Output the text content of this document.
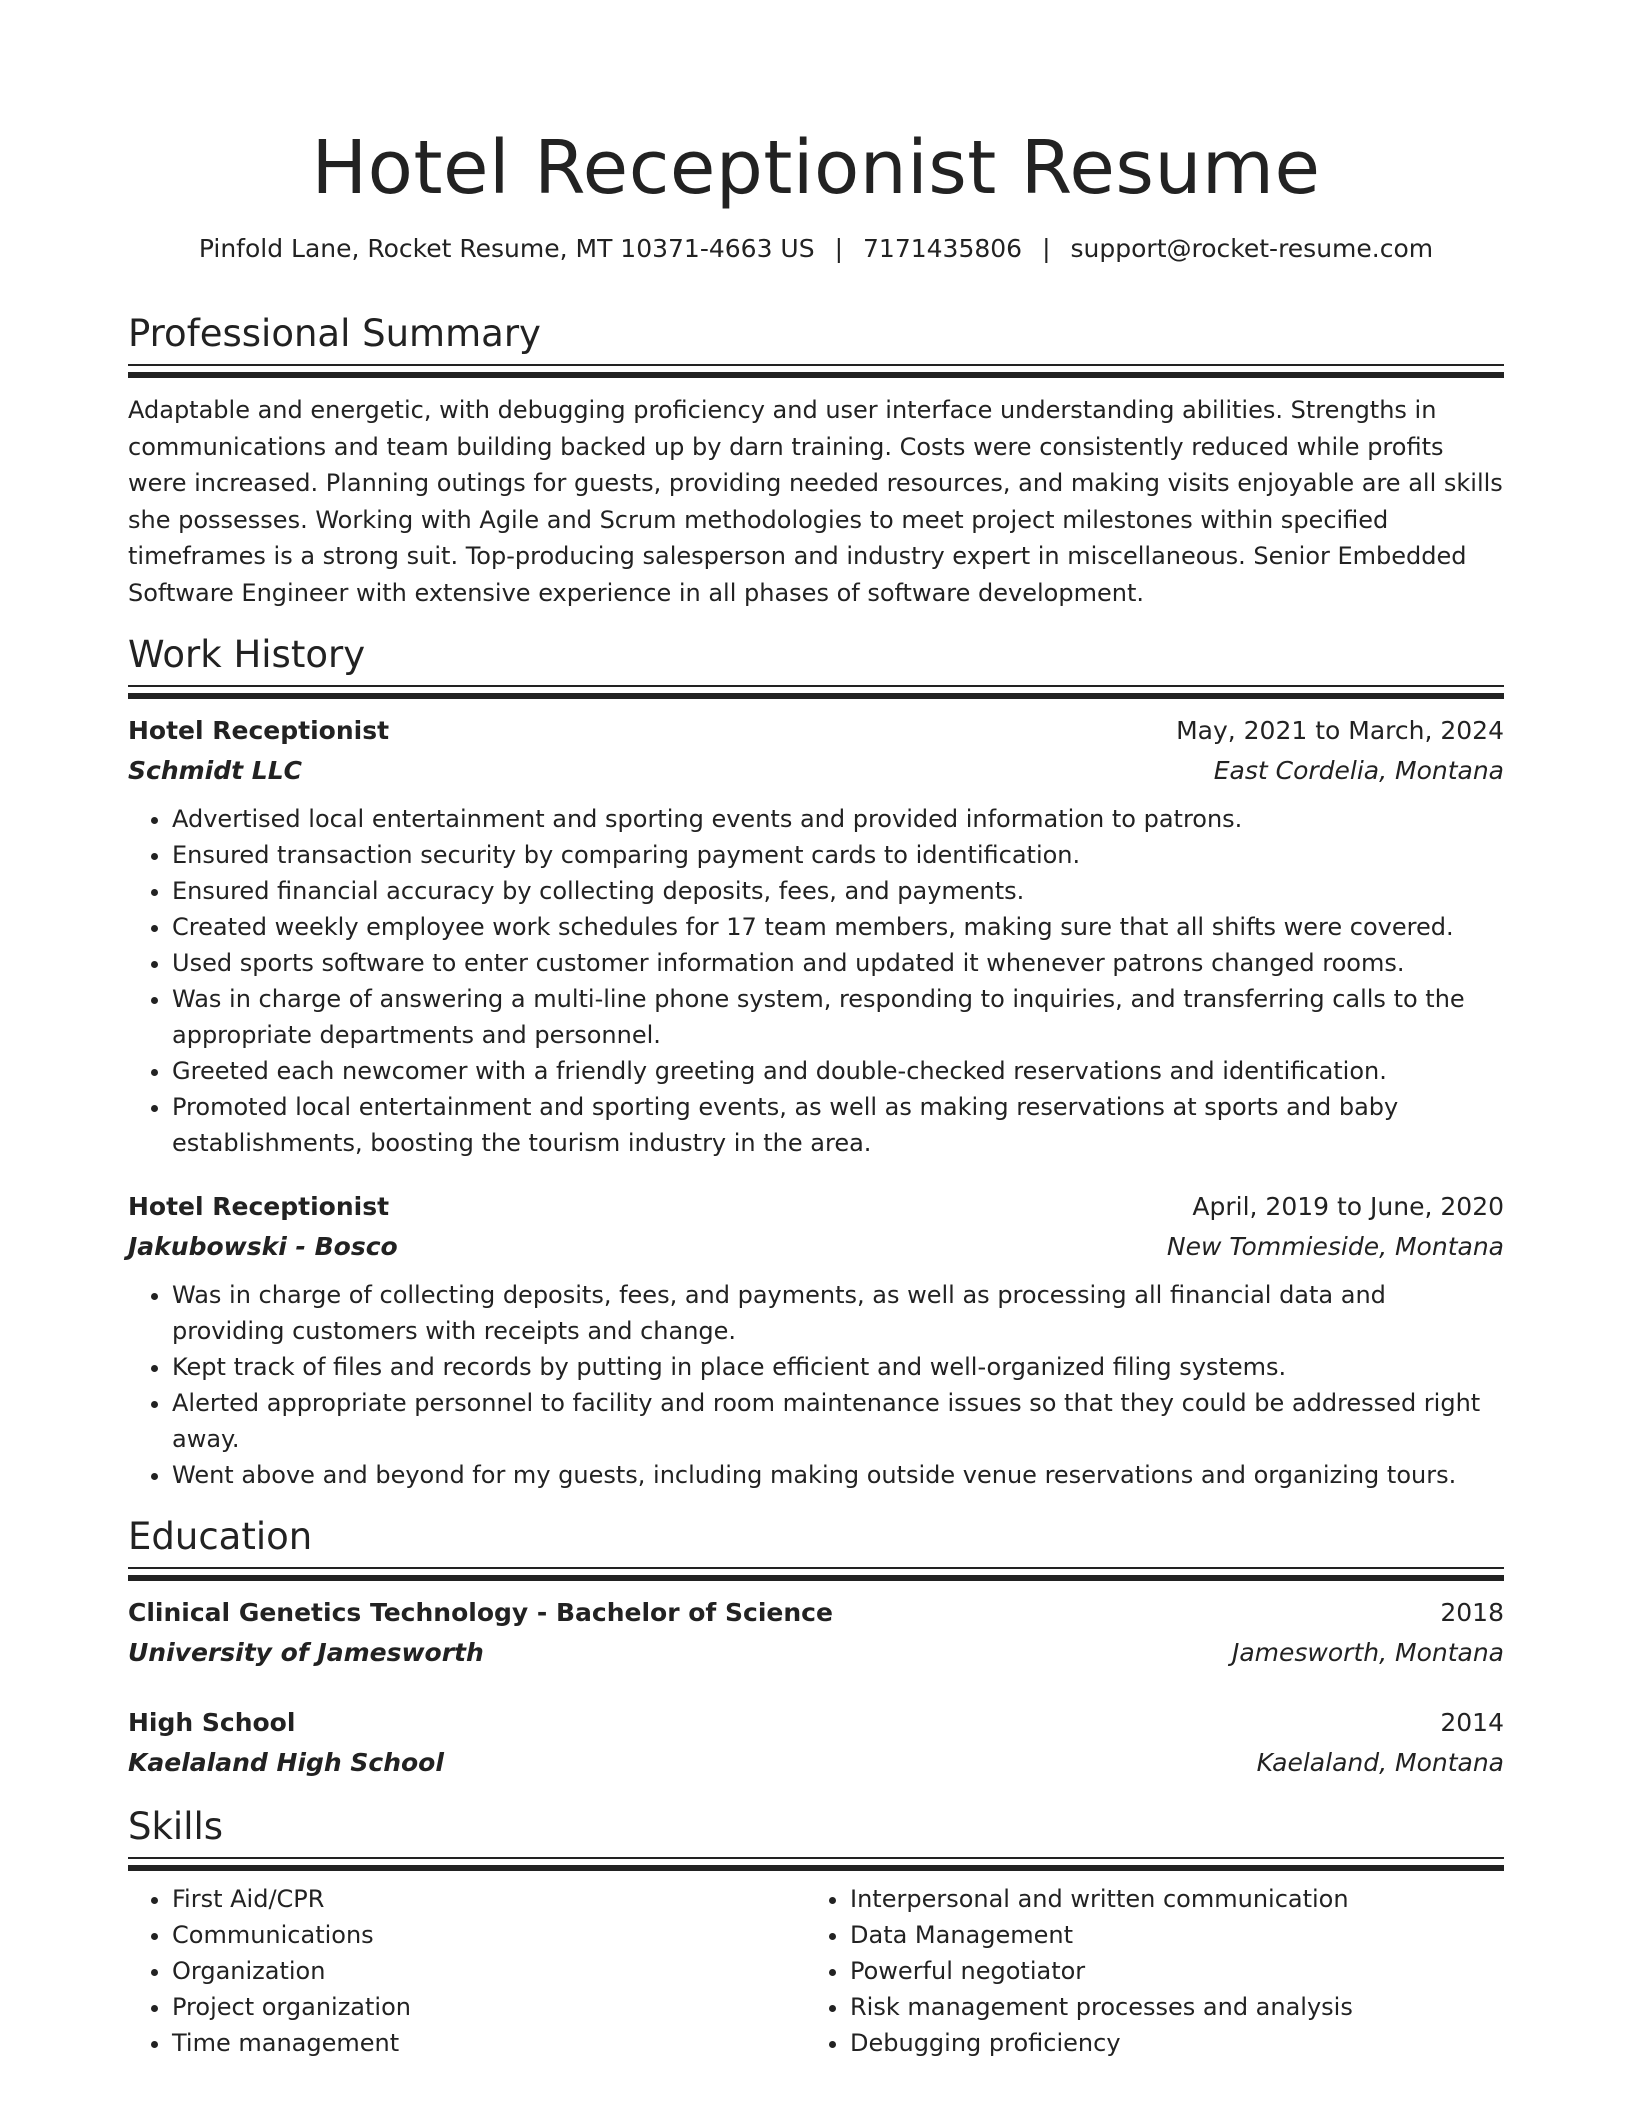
Hotel Receptionist Resume
Pinfold Lane, Rocket Resume, MT 10371-4663 US | 7171435806 | support@rocket-resume.com
Professional Summary

Adaptable and energetic, with debugging proficiency and user interface understanding abilities. Strengths in communications and team building backed up by darn training. Costs were consistently reduced while profits were increased. Planning outings for guests, providing needed resources, and making visits enjoyable are all skills she possesses. Working with Agile and Scrum methodologies to meet project milestones within specified timeframes is a strong suit. Top-producing salesperson and industry expert in miscellaneous. Senior Embedded Software Engineer with extensive experience in all phases of software development.

Work History
Hotel Receptionist	May, 2021 to March, 2024
Schmidt LLC	East Cordelia, Montana
• Advertised local entertainment and sporting events and provided information to patrons.
• Ensured transaction security by comparing payment cards to identification.
• Ensured financial accuracy by collecting deposits, fees, and payments.
• Created weekly employee work schedules for 17 team members, making sure that all shifts were covered.
• Used sports software to enter customer information and updated it whenever patrons changed rooms.
• Was in charge of answering a multi-line phone system, responding to inquiries, and transferring calls to the appropriate departments and personnel.
• Greeted each newcomer with a friendly greeting and double-checked reservations and identification.
• Promoted local entertainment and sporting events, as well as making reservations at sports and baby establishments, boosting the tourism industry in the area.
Hotel Receptionist	April, 2019 to June, 2020
Jakubowski - Bosco	New Tommieside, Montana
• Was in charge of collecting deposits, fees, and payments, as well as processing all financial data and providing customers with receipts and change.
• Kept track of files and records by putting in place efficient and well-organized filing systems.
• Alerted appropriate personnel to facility and room maintenance issues so that they could be addressed right away.
• Went above and beyond for my guests, including making outside venue reservations and organizing tours.
Education
Clinical Genetics Technology - Bachelor of Science	2018
University of Jamesworth	Jamesworth, Montana
High School	2014
Kaelaland High School	Kaelaland, Montana
Skills
• First Aid/CPR
• Communications
• Organization
• Project organization
• Time management
• Interpersonal and written communication
• Data Management
• Powerful negotiator
• Risk management processes and analysis
• Debugging proficiency
